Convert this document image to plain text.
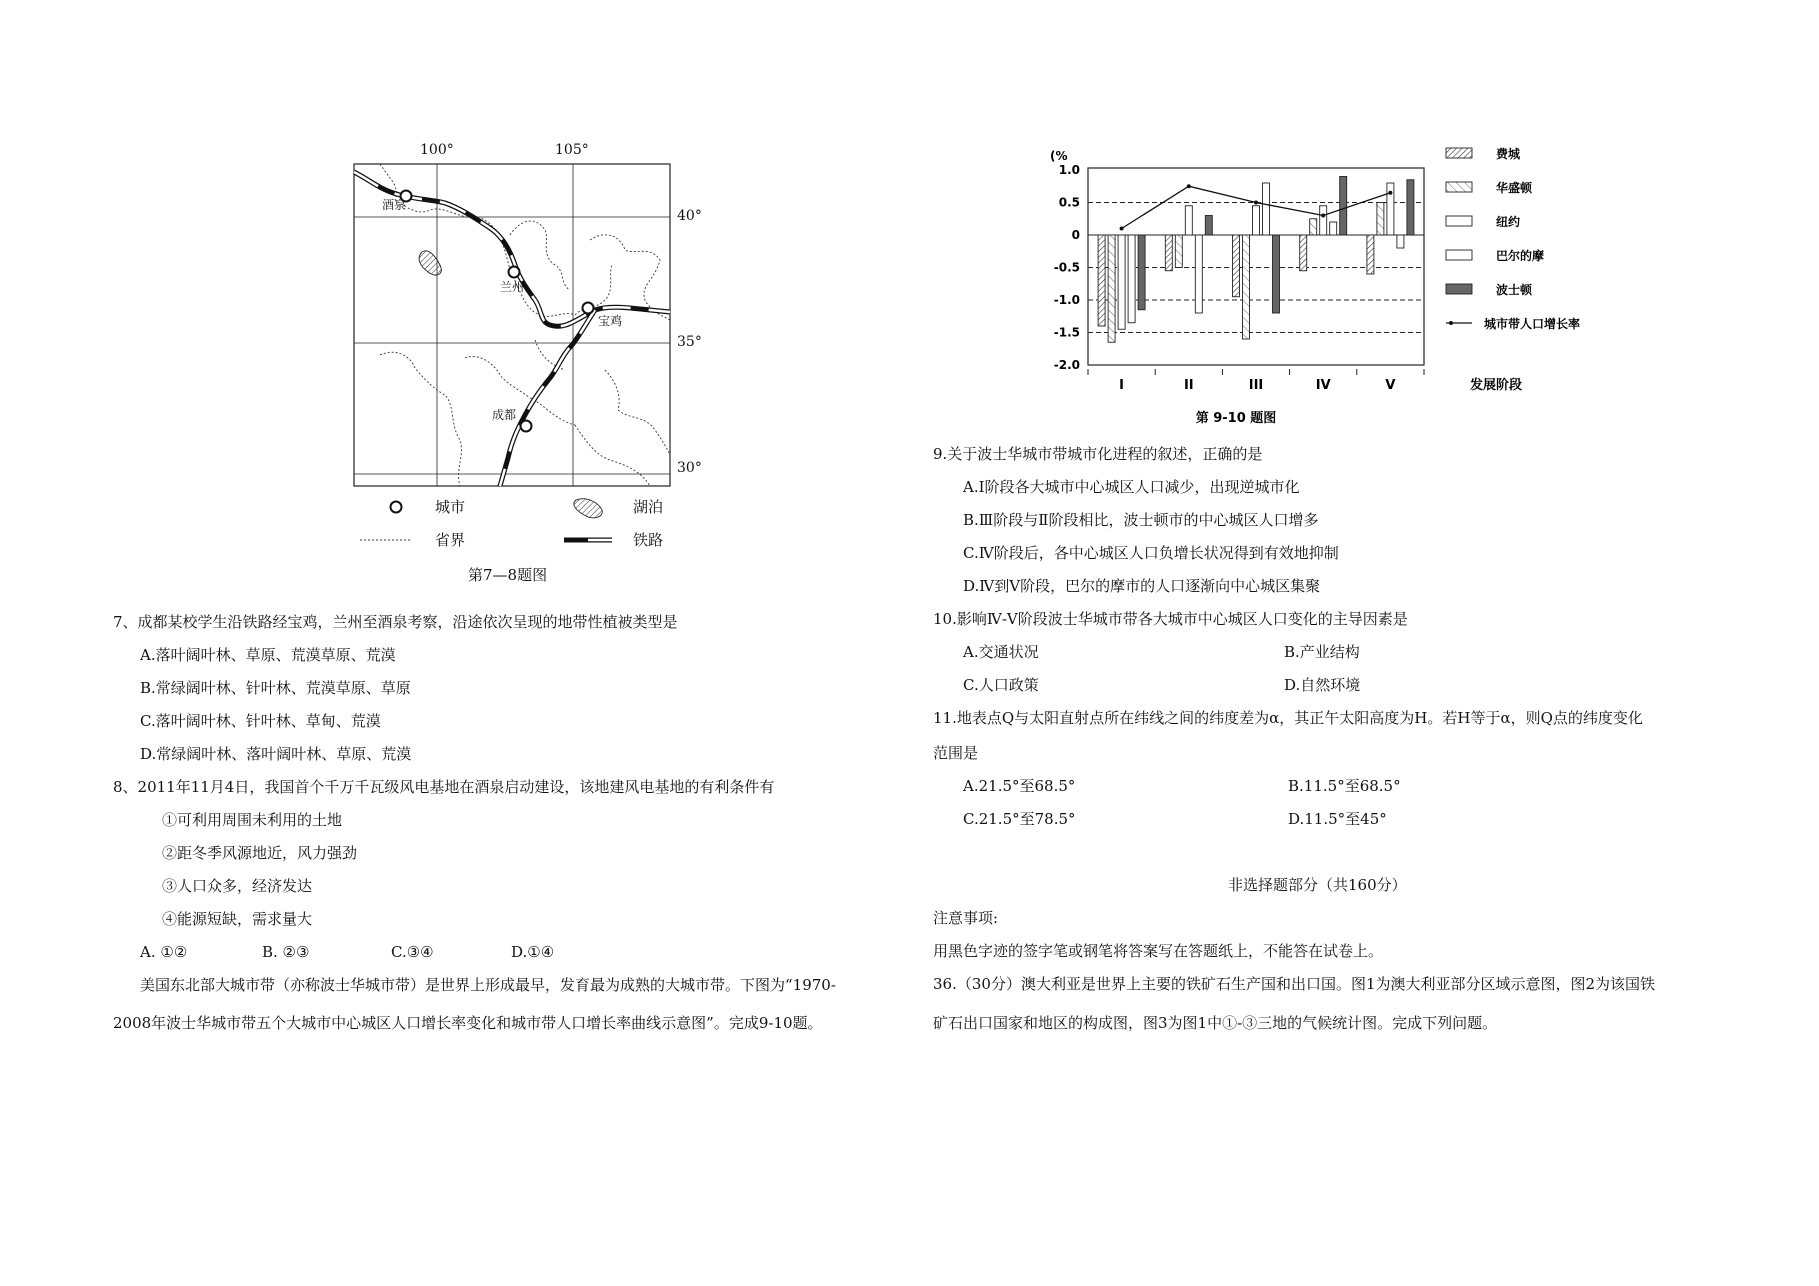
100°	105°
40°
35°
30°
酒泉
兰州
宝鸡
成都
城市	湖泊
省界	铁路
第7—8题图
7、成都某校学生沿铁路经宝鸡，兰州至酒泉考察，沿途依次呈现的地带性植被类型是
A.落叶阔叶林、草原、荒漠草原、荒漠
B.常绿阔叶林、针叶林、荒漠草原、草原
C.落叶阔叶林、针叶林、草甸、荒漠
D.常绿阔叶林、落叶阔叶林、草原、荒漠
8、2011年11月4日，我国首个千万千瓦级风电基地在酒泉启动建设，该地建风电基地的有利条件有
①可利用周围未利用的土地
②距冬季风源地近，风力强劲
③人口众多，经济发达
④能源短缺，需求量大
A. ①②	B. ②③	C.③④	D.①④
美国东北部大城市带（亦称波士华城市带）是世界上形成最早，发育最为成熟的大城市带。下图为“1970-
2008年波士华城市带五个大城市中心城区人口增长率变化和城市带人口增长率曲线示意图”。完成9-10题。
1.0
0.5
0
-0.5
-1.0
-1.5
-2.0
(%
I	II	III	IV	V	发展阶段
费城
华盛顿
纽约
巴尔的摩
波士顿
城市带人口增长率
第 9-10 题图
9.关于波士华城市带城市化进程的叙述，正确的是
A.Ⅰ阶段各大城市中心城区人口减少，出现逆城市化
B.Ⅲ阶段与Ⅱ阶段相比，波士顿市的中心城区人口增多
C.Ⅳ阶段后，各中心城区人口负增长状况得到有效地抑制
D.Ⅳ到Ⅴ阶段，巴尔的摩市的人口逐渐向中心城区集聚
10.影响Ⅳ-Ⅴ阶段波士华城市带各大城市中心城区人口变化的主导因素是
A.交通状况	B.产业结构
C.人口政策	D.自然环境
11.地表点Q与太阳直射点所在纬线之间的纬度差为α，其正午太阳高度为H。若H等于α，则Q点的纬度变化
范围是
A.21.5°至68.5°	B.11.5°至68.5°
C.21.5°至78.5°	D.11.5°至45°
非选择题部分（共160分）
注意事项:
用黑色字迹的签字笔或钢笔将答案写在答题纸上，不能答在试卷上。
36.（30分）澳大利亚是世界上主要的铁矿石生产国和出口国。图1为澳大利亚部分区域示意图，图2为该国铁
矿石出口国家和地区的构成图，图3为图1中①-③三地的气候统计图。完成下列问题。
